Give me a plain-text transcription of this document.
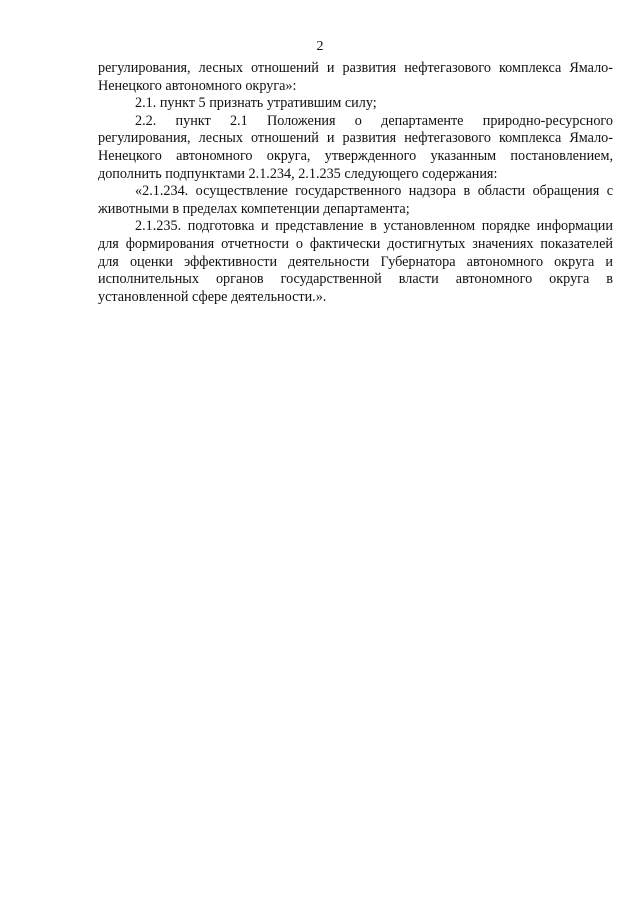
2

регулирования, лесных отношений и развития нефтегазового комплекса Ямало-Ненецкого автономного округа»:

2.1. пункт 5 признать утратившим силу;

2.2. пункт 2.1 Положения о департаменте природно-ресурсного регулирования, лесных отношений и развития нефтегазового комплекса Ямало-Ненецкого автономного округа, утвержденного указанным постановлением, дополнить подпунктами 2.1.234, 2.1.235 следующего содержания:

«2.1.234. осуществление государственного надзора в области обращения с животными в пределах компетенции департамента;

2.1.235. подготовка и представление в установленном порядке информации для формирования отчетности о фактически достигнутых значениях показателей для оценки эффективности деятельности Губернатора автономного округа и исполнительных органов государственной власти автономного округа в установленной сфере деятельности.».
